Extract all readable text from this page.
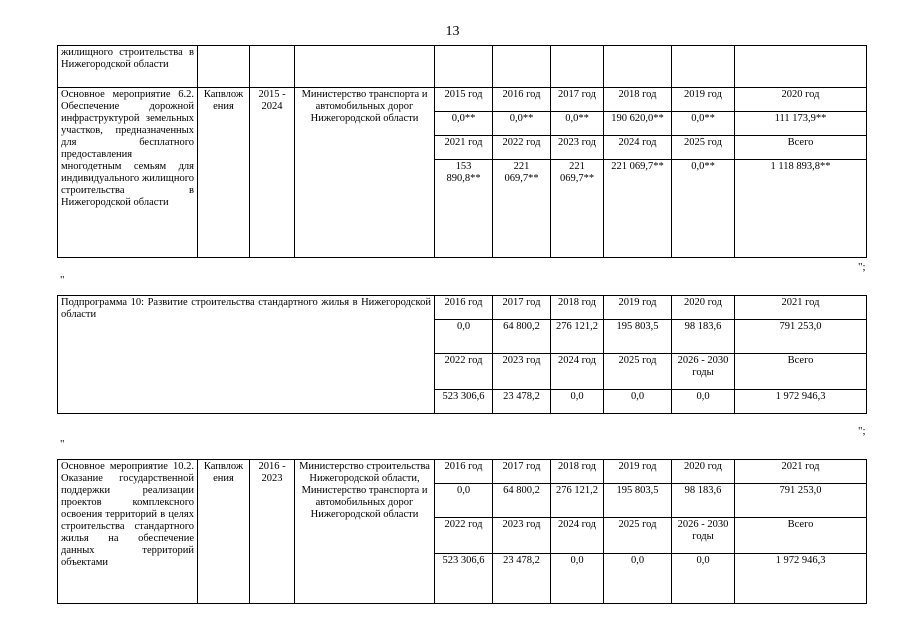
13
жилищного строительства в Нижегородской области									
Основное мероприятие 6.2. Обеспечение дорожной инфраструктурой земельных участков, предназначенных для бесплатного предоставления многодетным семьям для индивидуального жилищного строительства в Нижегородской области	Капвлож ения	2015 - 2024	Министерство транспорта и автомобильных дорог Нижегородской области	2015 год	2016 год	2017 год	2018 год	2019 год	2020 год
				0,0**	0,0**	0,0**	190 620,0**	0,0**	111 173,9**
				2021 год	2022 год	2023 год	2024 год	2025 год	Всего
				153 890,8**	221 069,7**	221 069,7**	221 069,7**	0,0**	1 118 893,8**
";
"
Подпрограмма 10: Развитие строительства стандартного жилья в Нижегородской области	2016 год	2017 год	2018 год	2019 год	2020 год	2021 год
	0,0	64 800,2	276 121,2	195 803,5	98 183,6	791 253,0
	2022 год	2023 год	2024 год	2025 год	2026 - 2030 годы	Всего
	523 306,6	23 478,2	0,0	0,0	0,0	1 972 946,3
";
"
Основное мероприятие 10.2. Оказание государственной поддержки реализации проектов комплексного освоения территорий в целях строительства стандартного жилья на обеспечение данных территорий объектами	Капвлож ения	2016 - 2023	Министерство строительства Нижегородской области, Министерство транспорта и автомобильных дорог Нижегородской области	2016 год	2017 год	2018 год	2019 год	2020 год	2021 год
				0,0	64 800,2	276 121,2	195 803,5	98 183,6	791 253,0
				2022 год	2023 год	2024 год	2025 год	2026 - 2030 годы	Всего
				523 306,6	23 478,2	0,0	0,0	0,0	1 972 946,3
